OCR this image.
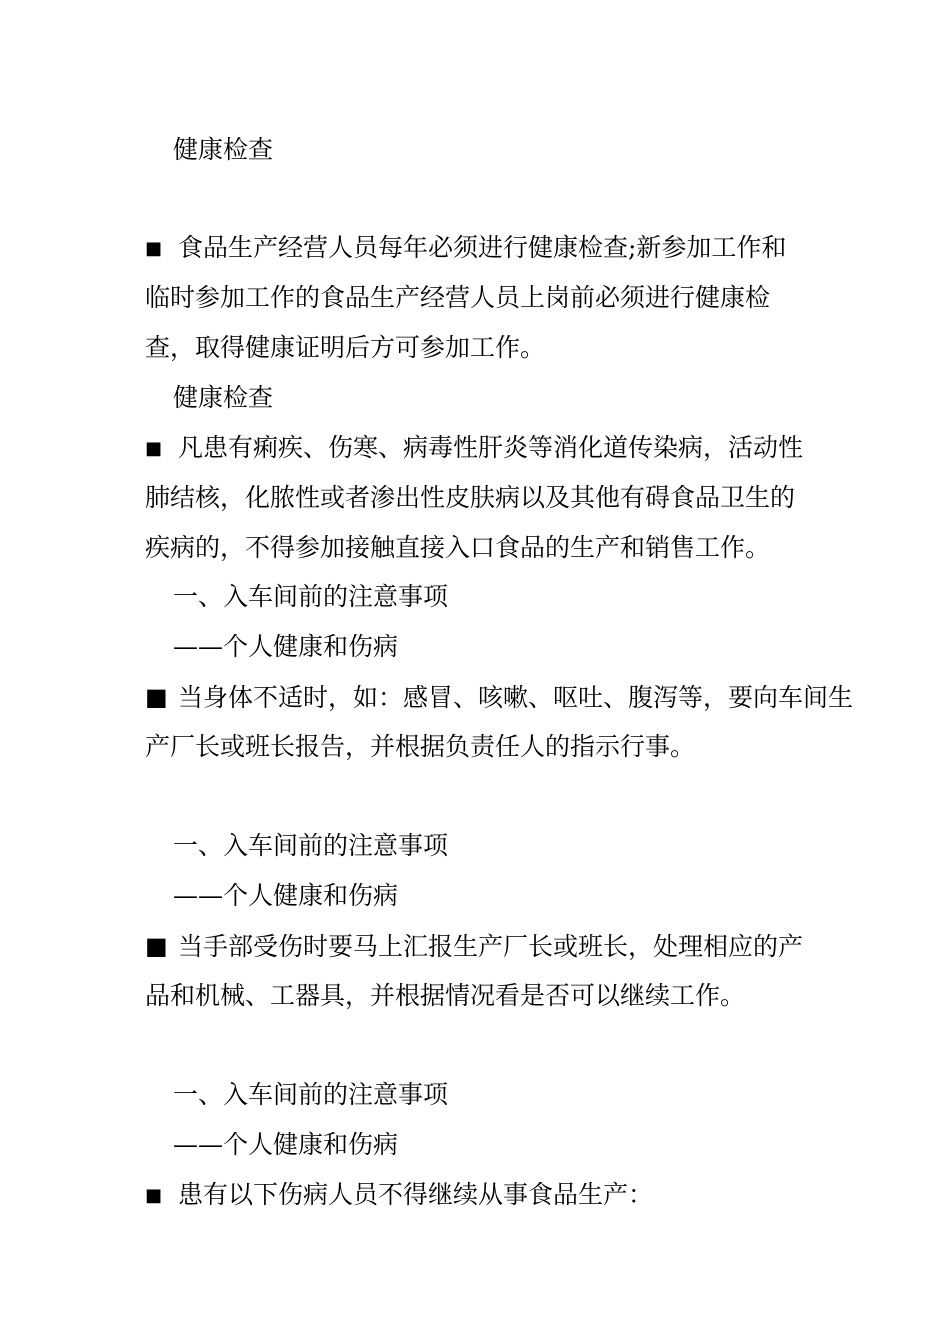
健康检查
■ 食品生产经营人员每年必须进行健康检查;新参加工作和
临时参加工作的食品生产经营人员上岗前必须进行健康检
查，取得健康证明后方可参加工作。
健康检查
■ 凡患有痢疾、伤寒、病毒性肝炎等消化道传染病，活动性
肺结核，化脓性或者渗出性皮肤病以及其他有碍食品卫生的
疾病的，不得参加接触直接入口食品的生产和销售工作。
一、入车间前的注意事项
——个人健康和伤病
■ 当身体不适时，如：感冒、咳嗽、呕吐、腹泻等，要向车间生
产厂长或班长报告，并根据负责任人的指示行事。
一、入车间前的注意事项
——个人健康和伤病
■ 当手部受伤时要马上汇报生产厂长或班长，处理相应的产
品和机械、工器具，并根据情况看是否可以继续工作。
一、入车间前的注意事项
——个人健康和伤病
■ 患有以下伤病人员不得继续从事食品生产：
